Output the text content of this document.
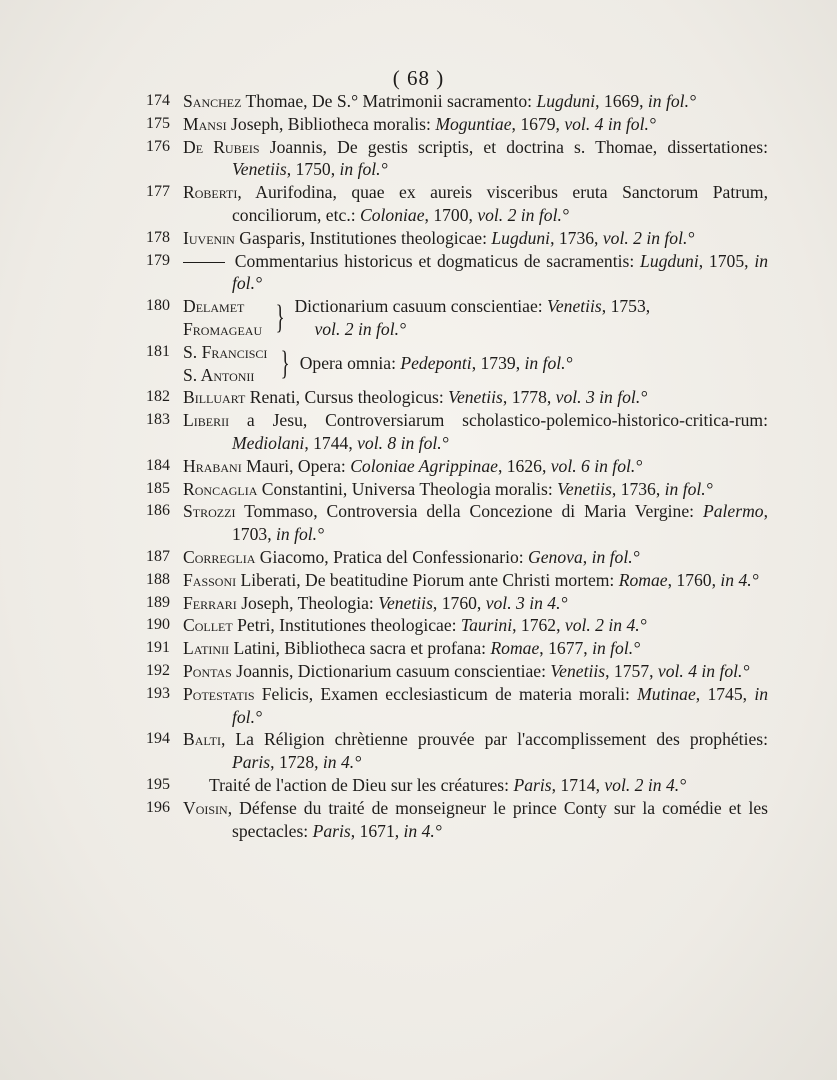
( 68 )
174 Sanchez Thomae, De S.° Matrimonii sacramento: Lugduni, 1669, in fol.°
175 Mansi Joseph, Bibliotheca moralis: Moguntiae, 1679, vol. 4 in fol.°
176 De Rubeis Joannis, De gestis scriptis, et doctrina s. Thomae, dissertationes: Venetiis, 1750, in fol.°
177 Roberti, Aurifodina, quae ex aureis visceribus eruta Sanctorum Patrum, conciliorum, etc.: Coloniae, 1700, vol. 2 in fol.°
178 Iuvenin Gasparis, Institutiones theologicae: Lugduni, 1736, vol. 2 in fol.°
179	Commentarius historicus et dogmaticus de sacramentis: Lugduni, 1705, in fol.°
180 Delamet
Fromageau } Dictionarium casuum conscientiae: Venetiis, 1753,
vol. 2 in fol.°
181 S. Francisci
S. Antonii } Opera omnia: Pedeponti, 1739, in fol.°
182 Billuart Renati, Cursus theologicus: Venetiis, 1778, vol. 3 in fol.°
183 Liberii a Jesu, Controversiarum scholastico-polemico-historico-critica-rum: Mediolani, 1744, vol. 8 in fol.°
184 Hrabani Mauri, Opera: Coloniae Agrippinae, 1626, vol. 6 in fol.°
185 Roncaglia Constantini, Universa Theologia moralis: Venetiis, 1736, in fol.°
186 Strozzi Tommaso, Controversia della Concezione di Maria Vergine: Palermo, 1703, in fol.°
187 Correglia Giacomo, Pratica del Confessionario: Genova, in fol.°
188 Fassoni Liberati, De beatitudine Piorum ante Christi mortem: Romae, 1760, in 4.°
189 Ferrari Joseph, Theologia: Venetiis, 1760, vol. 3 in 4.°
190 Collet Petri, Institutiones theologicae: Taurini, 1762, vol. 2 in 4.°
191 Latinii Latini, Bibliotheca sacra et profana: Romae, 1677, in fol.°
192 Pontas Joannis, Dictionarium casuum conscientiae: Venetiis, 1757, vol. 4 in fol.°
193 Potestatis Felicis, Examen ecclesiasticum de materia morali: Mutinae, 1745, in fol.°
194 Balti, La Réligion chrètienne prouvée par l'accomplissement des prophéties: Paris, 1728, in 4.°
195	Traité de l'action de Dieu sur les créatures: Paris, 1714, vol. 2 in 4.°
196 Voisin, Défense du traité de monseigneur le prince Conty sur la comédie et les spectacles: Paris, 1671, in 4.°
